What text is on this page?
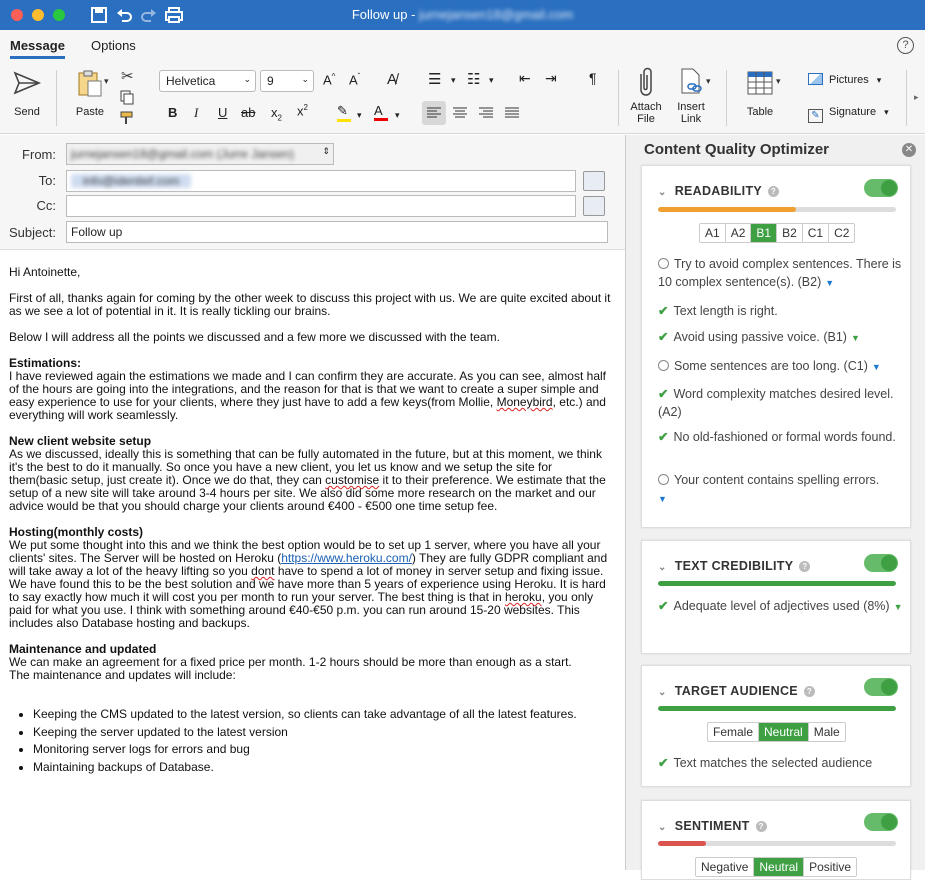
Follow up - jurnejansen18@gmail.com
Message Options	?
Send	Paste
▾ ✂	Helvetica	⌄	9	⌄ A^ $A^ˇ$ A̸
B I U ab $x_2$ $x^2$ ✎	▾ A	▾
☰ ▾ ☷ ▾ ⇤ ⇥ ¶
Attach
File
Insert
Link
▾
Table
▾	Pictures ▾
✎ Signature ▾
▸
From:	jurnejansen18@gmail.com (Jurre Jansen)	⇕
To:	info@identief.com
Cc:
Subject:	Follow up

Hi Antoinette,

First of all, thanks again for coming by the other week to discuss this project with us. We are quite excited about it as we see a lot of potential in it. It is really tickling our brains.

Below I will address all the points we discussed and a few more we discussed with the team.

Estimations:
I have reviewed again the estimations we made and I can confirm they are accurate. As you can see, almost half of the hours are going into the integrations, and the reason for that is that we want to create a super simple and easy experience to use for your clients, where they just have to add a few keys(from Mollie, Moneybird, etc.) and everything will work seamlessly.

New client website setup
As we discussed, ideally this is something that can be fully automated in the future, but at this moment, we think it's the best to do it manually. So once you have a new client, you let us know and we setup the site for them(basic setup, just create it). Once we do that, they can customise it to their preference. We estimate that the setup of a new site will take around 3-4 hours per site. We also did some more research on the market and our advice would be that you should charge your clients around €400 - €500 one time setup fee.

Hosting(monthly costs)
We put some thought into this and we think the best option would be to set up 1 server, where you have all your clients' sites. The Server will be hosted on Heroku (https://www.heroku.com/) They are fully GDPR compliant and will take away a lot of the heavy lifting so you dont have to spend a lot of money in server setup and fixing issue. We have found this to be the best solution and we have more than 5 years of experience using Heroku. It is hard to say exactly how much it will cost you per month to run your server. The best thing is that in heroku, you only paid for what you use. I think with something around €40-€50 p.m. you can run around 15-20 websites. This includes also Database hosting and backups.

Maintenance and updated
We can make an agreement for a fixed price per month. 1-2 hours should be more than enough as a start.
The maintenance and updates will include:
• Keeping the CMS updated to the latest version, so clients can take advantage of all the latest features.
• Keeping the server updated to the latest version
• Monitoring server logs for errors and bug
• Maintaining backups of Database.
Content Quality Optimizer	✕
⌄ READABILITY ?
A1 A2 B1 B2 C1 C2
Try to avoid complex sentences. There is 10 complex sentence(s). (B2) ▼
✔ Text length is right.
✔ Avoid using passive voice. (B1) ▼
Some sentences are too long. (C1) ▼
✔ Word complexity matches desired level. (A2)
✔ No old-fashioned or formal words found.
Your content contains spelling errors.
▼
⌄ TEXT CREDIBILITY ?
✔ Adequate level of adjectives used (8%) ▼
⌄ TARGET AUDIENCE ?
Female Neutral Male
✔ Text matches the selected audience
⌄ SENTIMENT ?
Negative Neutral Positive
